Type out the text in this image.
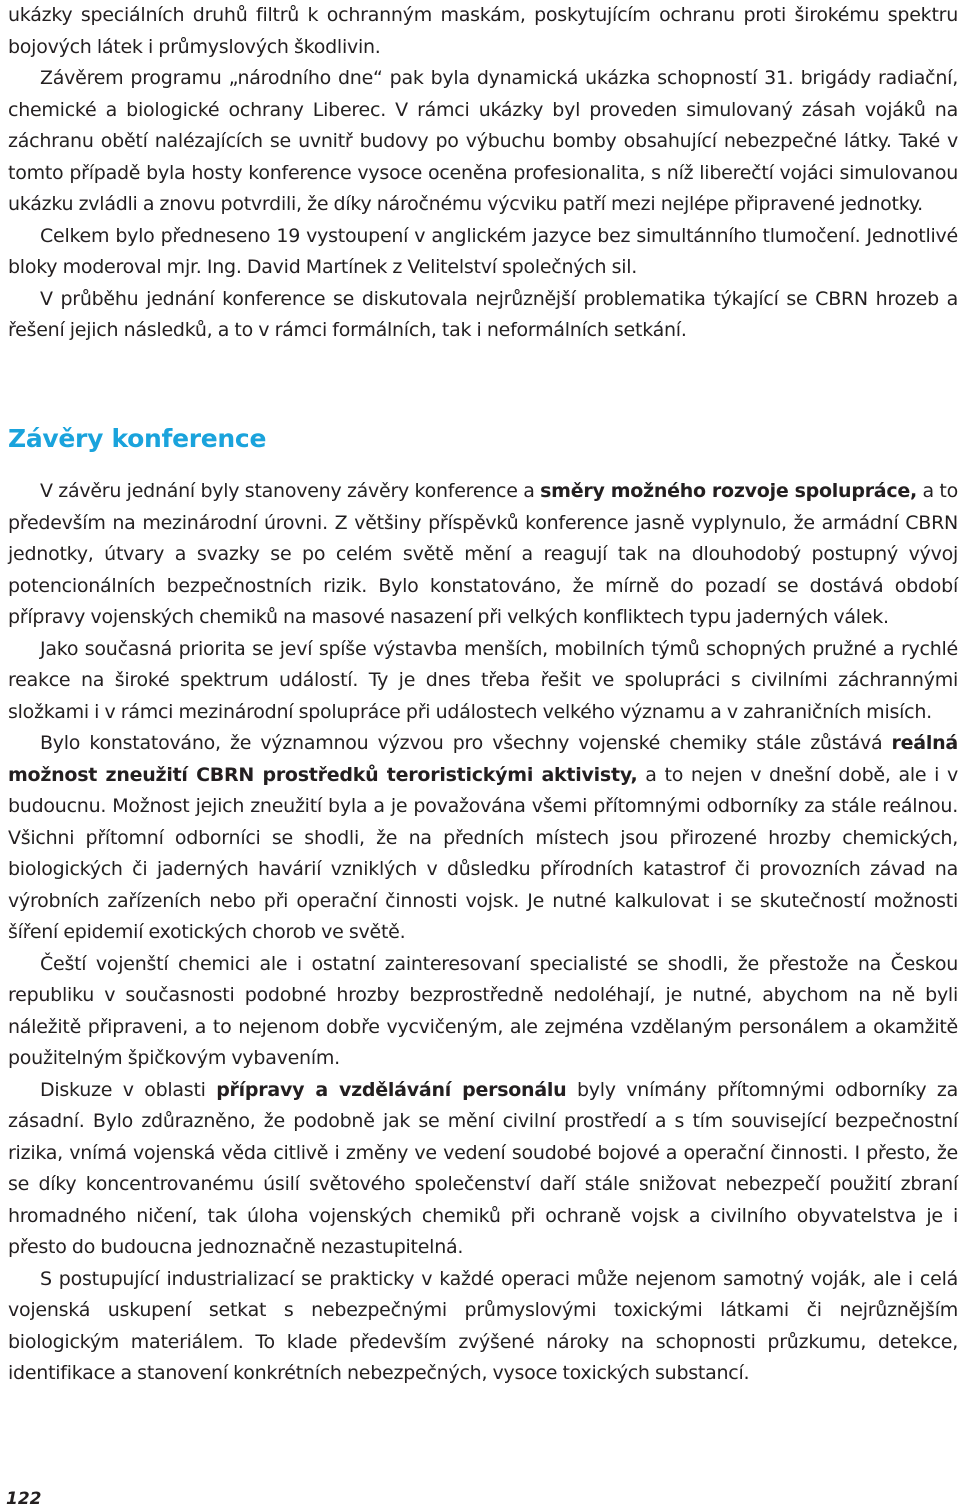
ukázky speciálních druhů filtrů k ochranným maskám, poskytujícím ochranu proti širokému spektru bojových látek i průmyslových škodlivin.

Závěrem programu „národního dne“ pak byla dynamická ukázka schopností 31. brigády radiační, chemické a biologické ochrany Liberec. V rámci ukázky byl proveden simulovaný zásah vojáků na záchranu obětí nalézajících se uvnitř budovy po výbuchu bomby obsahující nebezpečné látky. Také v tomto případě byla hosty konference vysoce oceněna profesionalita, s níž liberečtí vojáci simulovanou ukázku zvládli a znovu potvrdili, že díky náročnému výcviku patří mezi nejlépe připravené jednotky.

Celkem bylo předneseno 19 vystoupení v anglickém jazyce bez simultánního tlumočení. Jednotlivé bloky moderoval mjr. Ing. David Martínek z Velitelství společných sil.

V průběhu jednání konference se diskutovala nejrůznější problematika týkající se CBRN hrozeb a řešení jejich následků, a to v rámci formálních, tak i neformálních setkání.

Závěry konference

V závěru jednání byly stanoveny závěry konference a směry možného rozvoje spolupráce, a to především na mezinárodní úrovni. Z většiny příspěvků konference jasně vyplynulo, že armádní CBRN jednotky, útvary a svazky se po celém světě mění a reagují tak na dlouhodobý postupný vývoj potencionálních bezpečnostních rizik. Bylo konstatováno, že mírně do pozadí se dostává období přípravy vojenských chemiků na masové nasazení při velkých konfliktech typu jaderných válek.

Jako současná priorita se jeví spíše výstavba menších, mobilních týmů schopných pružné a rychlé reakce na široké spektrum událostí. Ty je dnes třeba řešit ve spolupráci s civilními záchrannými složkami i v rámci mezinárodní spolupráce při událostech velkého významu a v zahraničních misích.

Bylo konstatováno, že významnou výzvou pro všechny vojenské chemiky stále zůstává reálná možnost zneužití CBRN prostředků teroristickými aktivisty, a to nejen v dnešní době, ale i v budoucnu. Možnost jejich zneužití byla a je považována všemi přítomnými odborníky za stále reálnou. Všichni přítomní odborníci se shodli, že na předních místech jsou přirozené hrozby chemických, biologických či jaderných havárií vzniklých v důsledku přírodních katastrof či provozních závad na výrobních zařízeních nebo při operační činnosti vojsk. Je nutné kalkulovat i se skutečností možnosti šíření epidemií exotických chorob ve světě.

Čeští vojenští chemici ale i ostatní zainteresovaní specialisté se shodli, že přestože na Českou republiku v současnosti podobné hrozby bezprostředně nedoléhají, je nutné, abychom na ně byli náležitě připraveni, a to nejenom dobře vycvičeným, ale zejména vzdělaným personálem a okamžitě použitelným špičkovým vybavením.

Diskuze v oblasti přípravy a vzdělávání personálu byly vnímány přítomnými odborníky za zásadní. Bylo zdůrazněno, že podobně jak se mění civilní prostředí a s tím související bezpečnostní rizika, vnímá vojenská věda citlivě i změny ve vedení soudobé bojové a operační činnosti. I přesto, že se díky koncentrovanému úsilí světového společenství daří stále snižovat nebezpečí použití zbraní hromadného ničení, tak úloha vojenských chemiků při ochraně vojsk a civilního obyvatelstva je i přesto do budoucna jednoznačně nezastupitelná.

S postupující industrializací se prakticky v každé operaci může nejenom samotný voják, ale i celá vojenská uskupení setkat s nebezpečnými průmyslovými toxickými látkami či nejrůznějším biologickým materiálem. To klade především zvýšené nároky na schopnosti průzkumu, detekce, identifikace a stanovení konkrétních nebezpečných, vysoce toxických substancí.

122
